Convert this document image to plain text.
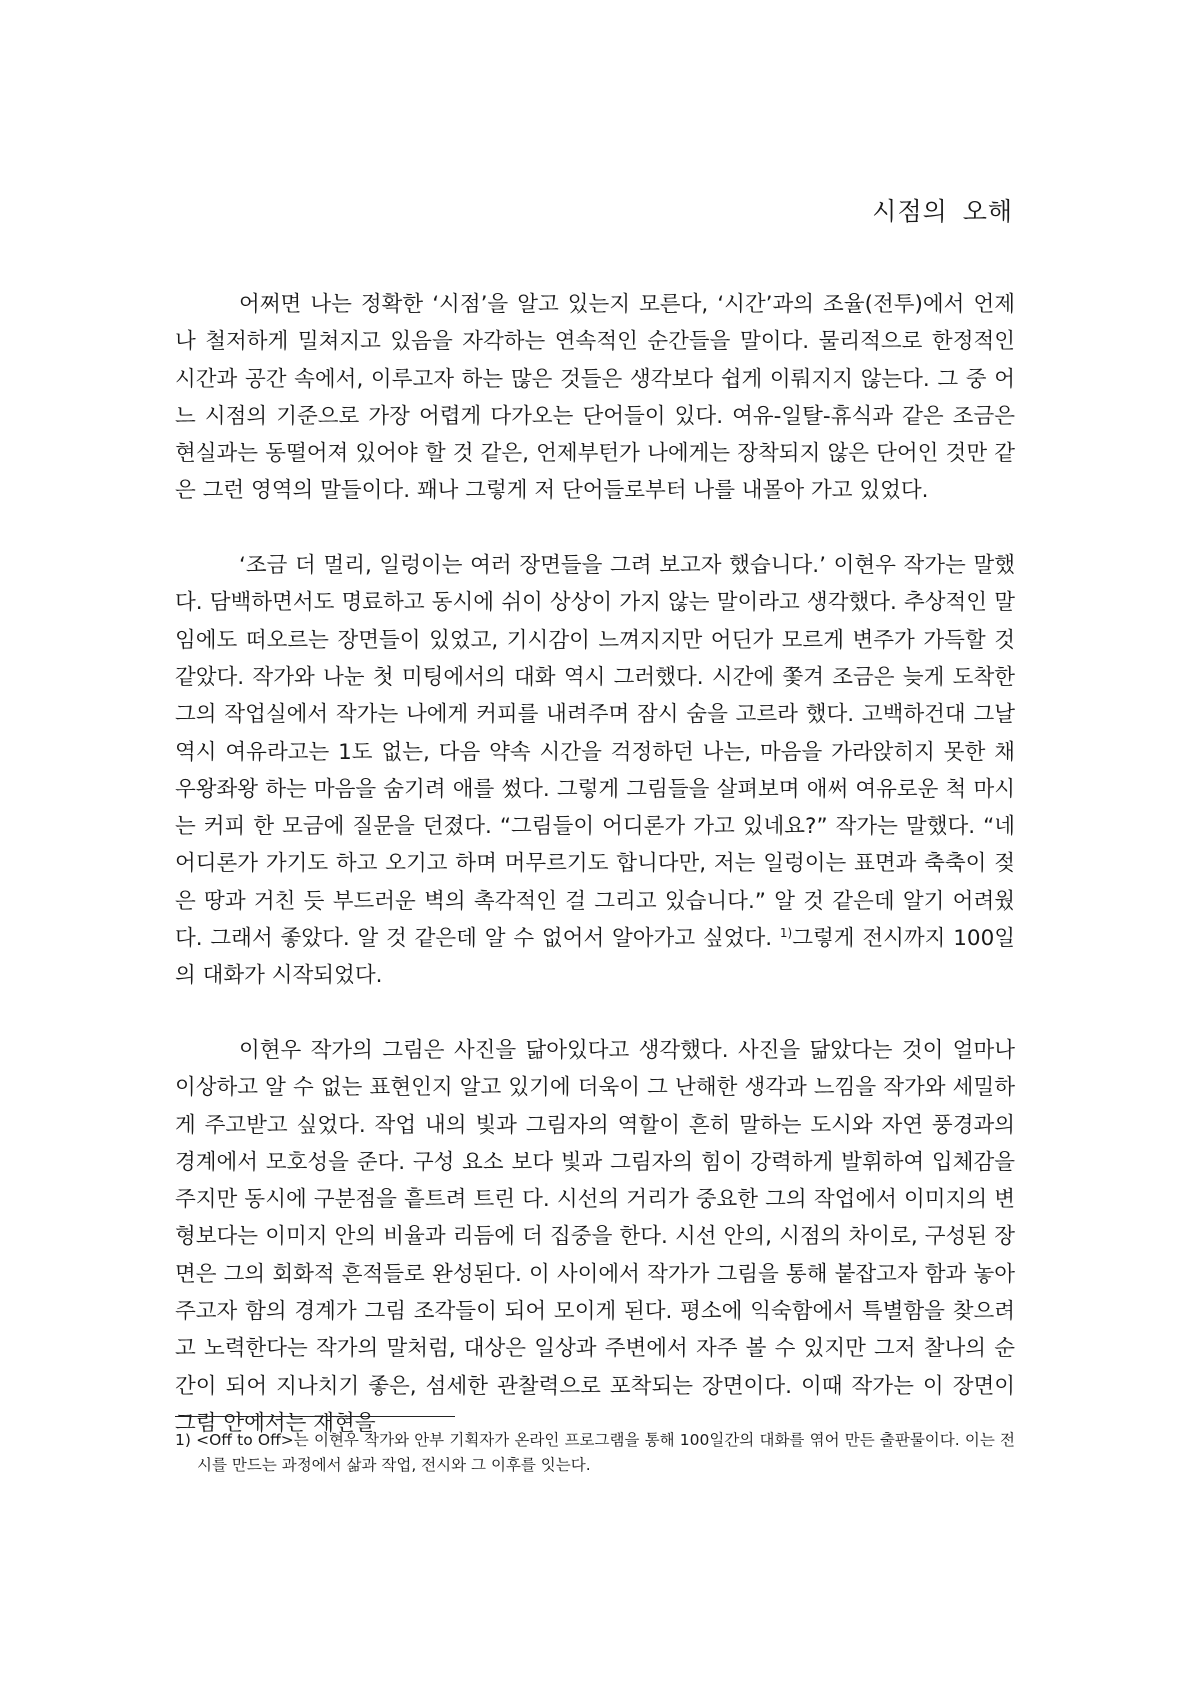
시점의 오해

어쩌면 나는 정확한 ‘시점’을 알고 있는지 모른다, ‘시간’과의 조율(전투)에서 언제나 철저하게 밀쳐지고 있음을 자각하는 연속적인 순간들을 말이다. 물리적으로 한정적인 시간과 공간 속에서, 이루고자 하는 많은 것들은 생각보다 쉽게 이뤄지지 않는다. 그 중 어느 시점의 기준으로 가장 어렵게 다가오는 단어들이 있다. 여유-일탈-휴식과 같은 조금은 현실과는 동떨어져 있어야 할 것 같은, 언제부턴가 나에게는 장착되지 않은 단어인 것만 같은 그런 영역의 말들이다. 꽤나 그렇게 저 단어들로부터 나를 내몰아 가고 있었다.

‘조금 더 멀리, 일렁이는 여러 장면들을 그려 보고자 했습니다.’ 이현우 작가는 말했다. 담백하면서도 명료하고 동시에 쉬이 상상이 가지 않는 말이라고 생각했다. 추상적인 말임에도 떠오르는 장면들이 있었고, 기시감이 느껴지지만 어딘가 모르게 변주가 가득할 것 같았다. 작가와 나눈 첫 미팅에서의 대화 역시 그러했다. 시간에 쫓겨 조금은 늦게 도착한 그의 작업실에서 작가는 나에게 커피를 내려주며 잠시 숨을 고르라 했다. 고백하건대 그날 역시 여유라고는 1도 없는, 다음 약속 시간을 걱정하던 나는, 마음을 가라앉히지 못한 채 우왕좌왕 하는 마음을 숨기려 애를 썼다. 그렇게 그림들을 살펴보며 애써 여유로운 척 마시는 커피 한 모금에 질문을 던졌다. “그림들이 어디론가 가고 있네요?” 작가는 말했다. “네 어디론가 가기도 하고 오기고 하며 머무르기도 합니다만, 저는 일렁이는 표면과 축축이 젖은 땅과 거친 듯 부드러운 벽의 촉각적인 걸 그리고 있습니다.” 알 것 같은데 알기 어려웠다. 그래서 좋았다. 알 것 같은데 알 수 없어서 알아가고 싶었다. $^{1)}$그렇게 전시까지 100일의 대화가 시작되었다.

이현우 작가의 그림은 사진을 닮아있다고 생각했다. 사진을 닮았다는 것이 얼마나 이상하고 알 수 없는 표현인지 알고 있기에 더욱이 그 난해한 생각과 느낌을 작가와 세밀하게 주고받고 싶었다. 작업 내의 빛과 그림자의 역할이 흔히 말하는 도시와 자연 풍경과의 경계에서 모호성을 준다. 구성 요소 보다 빛과 그림자의 힘이 강력하게 발휘하여 입체감을 주지만 동시에 구분점을 흩트려 트린 다. 시선의 거리가 중요한 그의 작업에서 이미지의 변형보다는 이미지 안의 비율과 리듬에 더 집중을 한다. 시선 안의, 시점의 차이로, 구성된 장면은 그의 회화적 흔적들로 완성된다. 이 사이에서 작가가 그림을 통해 붙잡고자 함과 놓아주고자 함의 경계가 그림 조각들이 되어 모이게 된다. 평소에 익숙함에서 특별함을 찾으려고 노력한다는 작가의 말처럼, 대상은 일상과 주변에서 자주 볼 수 있지만 그저 찰나의 순간이 되어 지나치기 좋은, 섬세한 관찰력으로 포착되는 장면이다. 이때 작가는 이 장면이 그림 안에서는 재현을

1) <Off to Off>는 이현우 작가와 안부 기획자가 온라인 프로그램을 통해 100일간의 대화를 엮어 만든 출판물이다. 이는 전시를 만드는 과정에서 삶과 작업, 전시와 그 이후를 잇는다.
